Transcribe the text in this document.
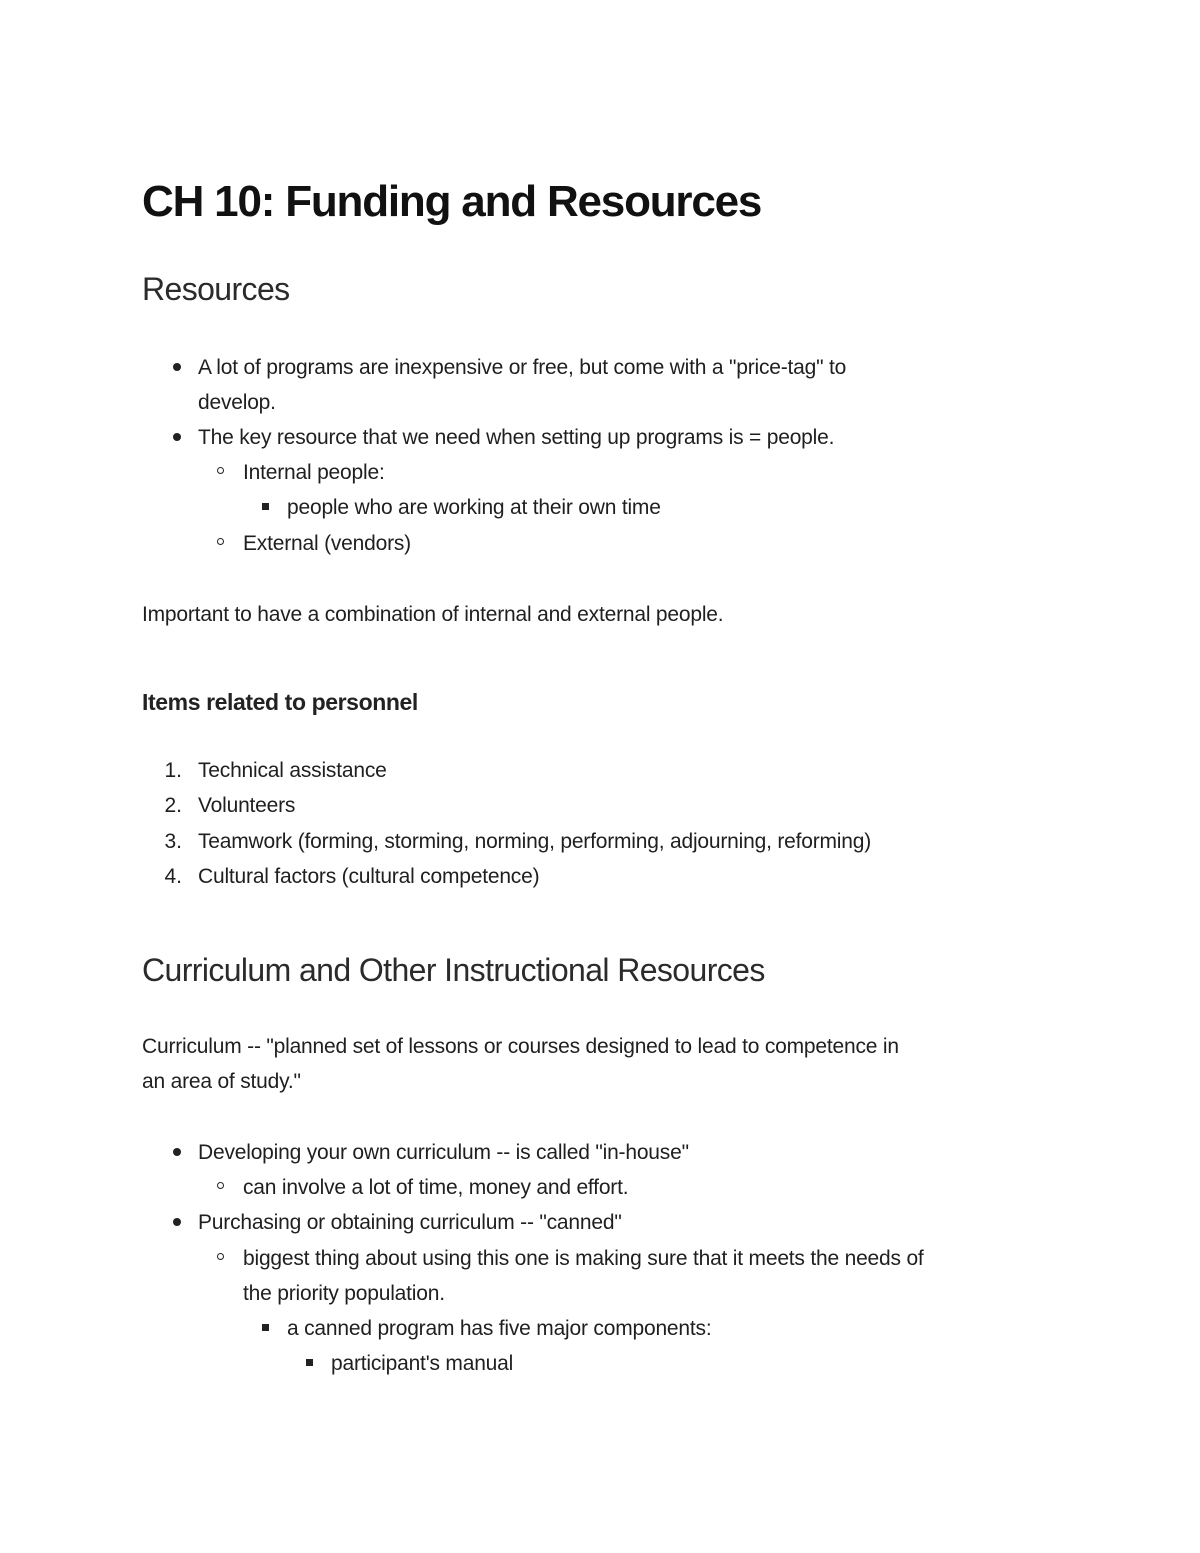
CH 10: Funding and Resources
Resources
A lot of programs are inexpensive or free, but come with a "price-tag" to
develop.
The key resource that we need when setting up programs is = people.
Internal people:
people who are working at their own time
External (vendors)
Important to have a combination of internal and external people.
Items related to personnel
1. Technical assistance
2. Volunteers
3. Teamwork (forming, storming, norming, performing, adjourning, reforming)
4. Cultural factors (cultural competence)
Curriculum and Other Instructional Resources
Curriculum -- "planned set of lessons or courses designed to lead to competence in
an area of study."
Developing your own curriculum -- is called "in-house"
can involve a lot of time, money and effort.
Purchasing or obtaining curriculum -- "canned"
biggest thing about using this one is making sure that it meets the needs of
the priority population.
a canned program has five major components:
participant's manual
